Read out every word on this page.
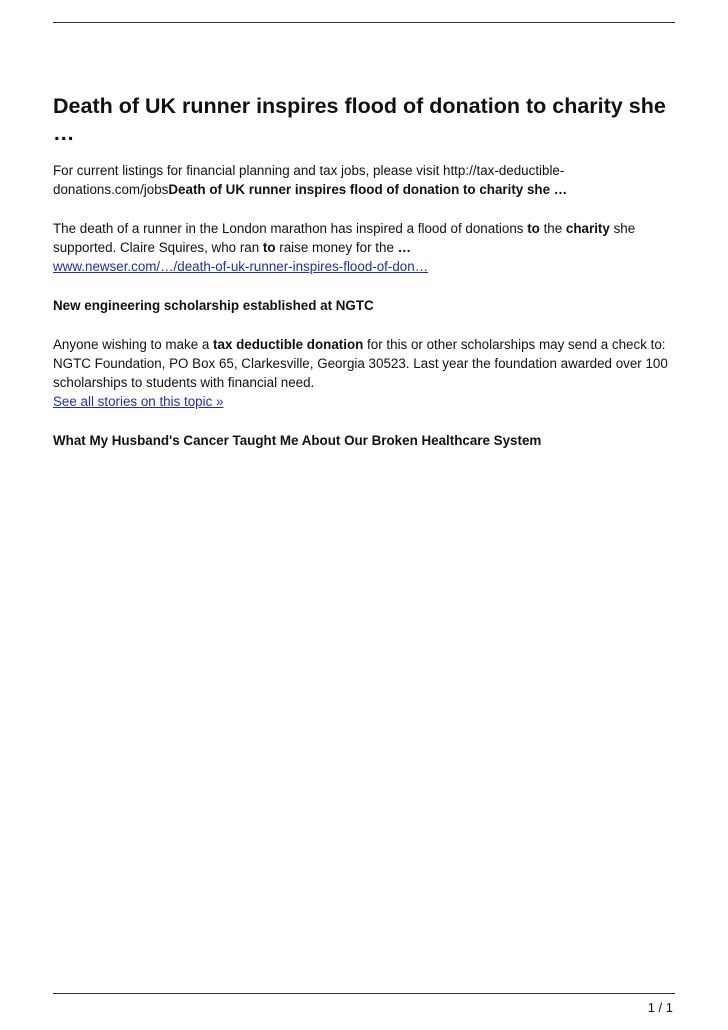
Death of UK runner inspires flood of donation to charity she …

For current listings for financial planning and tax jobs, please visit http://tax-deductible-donations.com/jobsDeath of UK runner inspires flood of donation to charity she …

The death of a runner in the London marathon has inspired a flood of donations to the charity she supported. Claire Squires, who ran to raise money for the …
www.newser.com/…/death-of-uk-runner-inspires-flood-of-don…

New engineering scholarship established at NGTC

Anyone wishing to make a tax deductible donation for this or other scholarships may send a check to: NGTC Foundation, PO Box 65, Clarkesville, Georgia 30523. Last year the foundation awarded over 100 scholarships to students with financial need.
See all stories on this topic »

What My Husband's Cancer Taught Me About Our Broken Healthcare System
1 / 1
